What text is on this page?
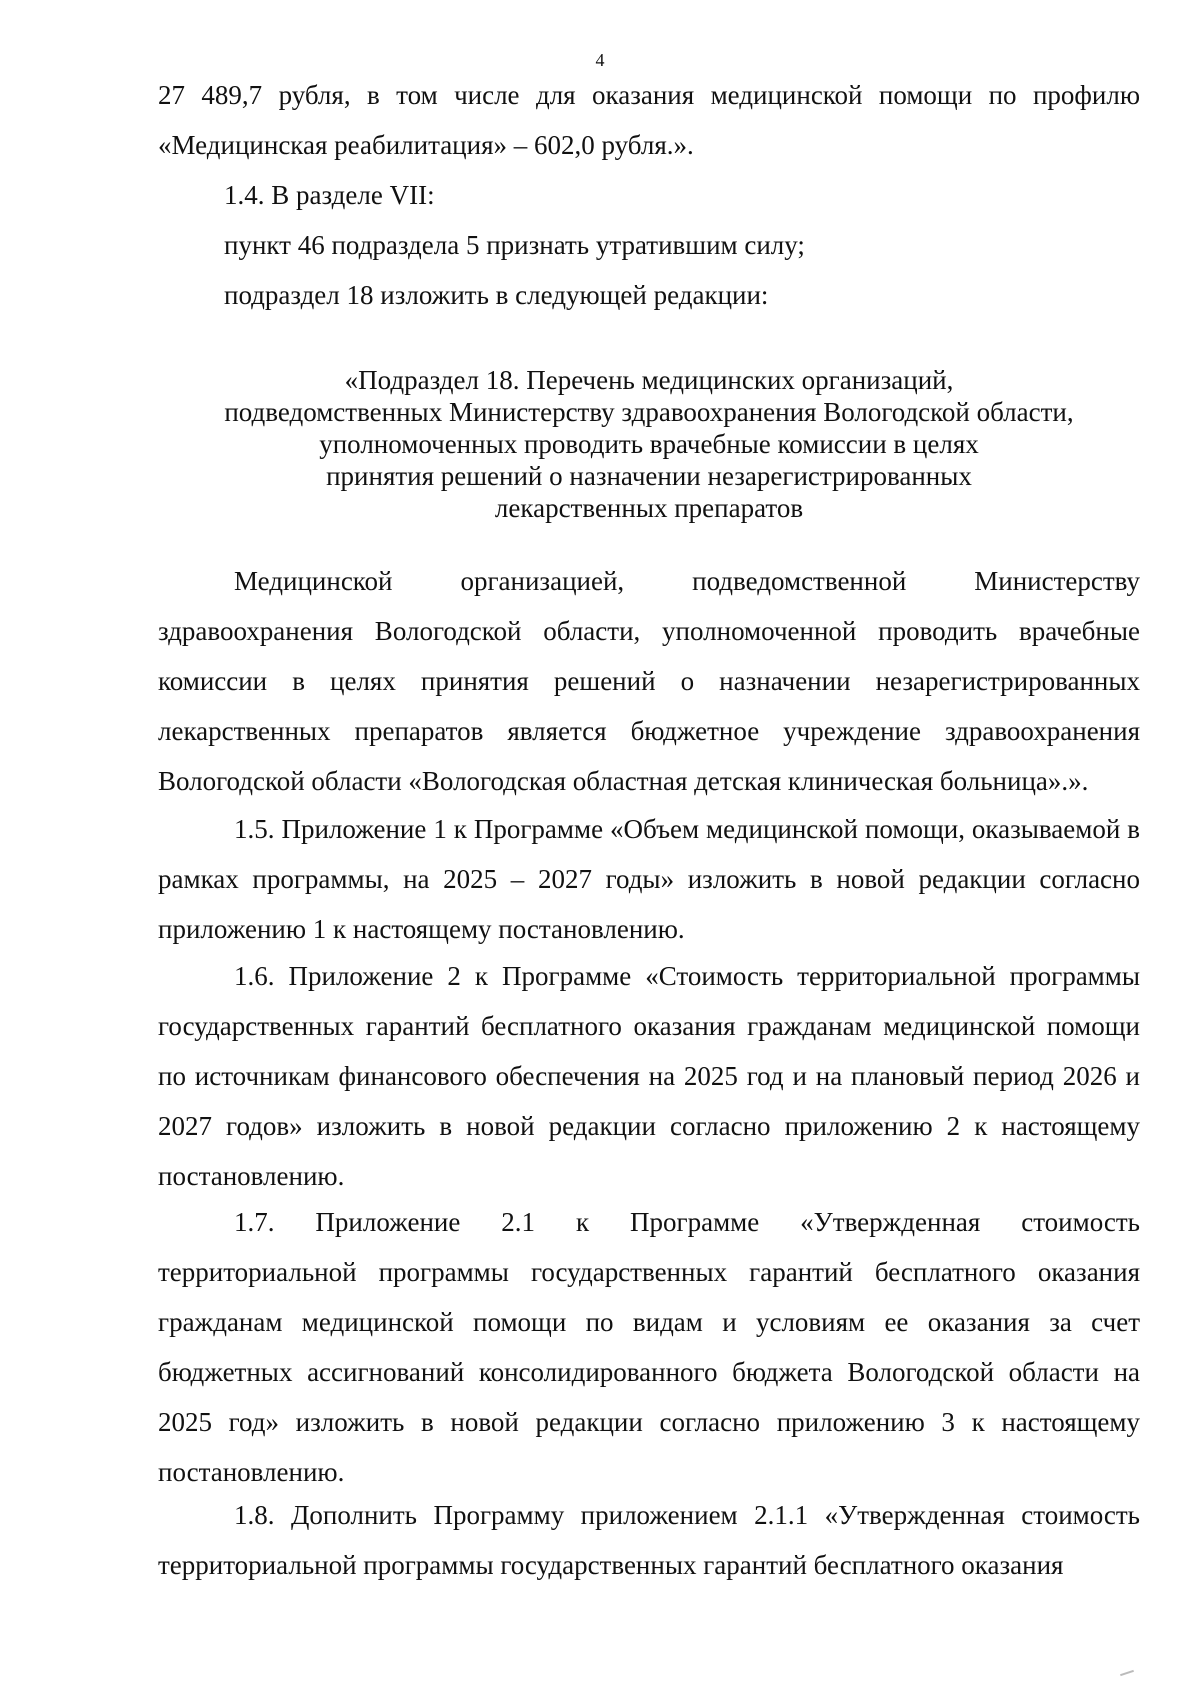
4
27 489,7 рубля, в том числе для оказания медицинской помощи по профилю «Медицинская реабилитация» – 602,0 рубля.».
1.4. В разделе VII:
пункт 46 подраздела 5 признать утратившим силу;
подраздел 18 изложить в следующей редакции:
«Подраздел 18. Перечень медицинских организаций,
подведомственных Министерству здравоохранения Вологодской области,
уполномоченных проводить врачебные комиссии в целях
принятия решений о назначении незарегистрированных
лекарственных препаратов
Медицинской организацией, подведомственной Министерству здравоохранения Вологодской области, уполномоченной проводить врачебные комиссии в целях принятия решений о назначении незарегистрированных лекарственных препаратов является бюджетное учреждение здравоохранения Вологодской области «Вологодская областная детская клиническая больница».».
1.5. Приложение 1 к Программе «Объем медицинской помощи, оказываемой в рамках программы, на 2025 – 2027 годы» изложить в новой редакции согласно приложению 1 к настоящему постановлению.
1.6. Приложение 2 к Программе «Стоимость территориальной программы государственных гарантий бесплатного оказания гражданам медицинской помощи по источникам финансового обеспечения на 2025 год и на плановый период 2026 и 2027 годов» изложить в новой редакции согласно приложению 2 к настоящему постановлению.
1.7. Приложение 2.1 к Программе «Утвержденная стоимость территориальной программы государственных гарантий бесплатного оказания гражданам медицинской помощи по видам и условиям ее оказания за счет бюджетных ассигнований консолидированного бюджета Вологодской области на 2025 год» изложить в новой редакции согласно приложению 3 к настоящему постановлению.
1.8. Дополнить Программу приложением 2.1.1 «Утвержденная стоимость территориальной программы государственных гарантий бесплатного оказания
